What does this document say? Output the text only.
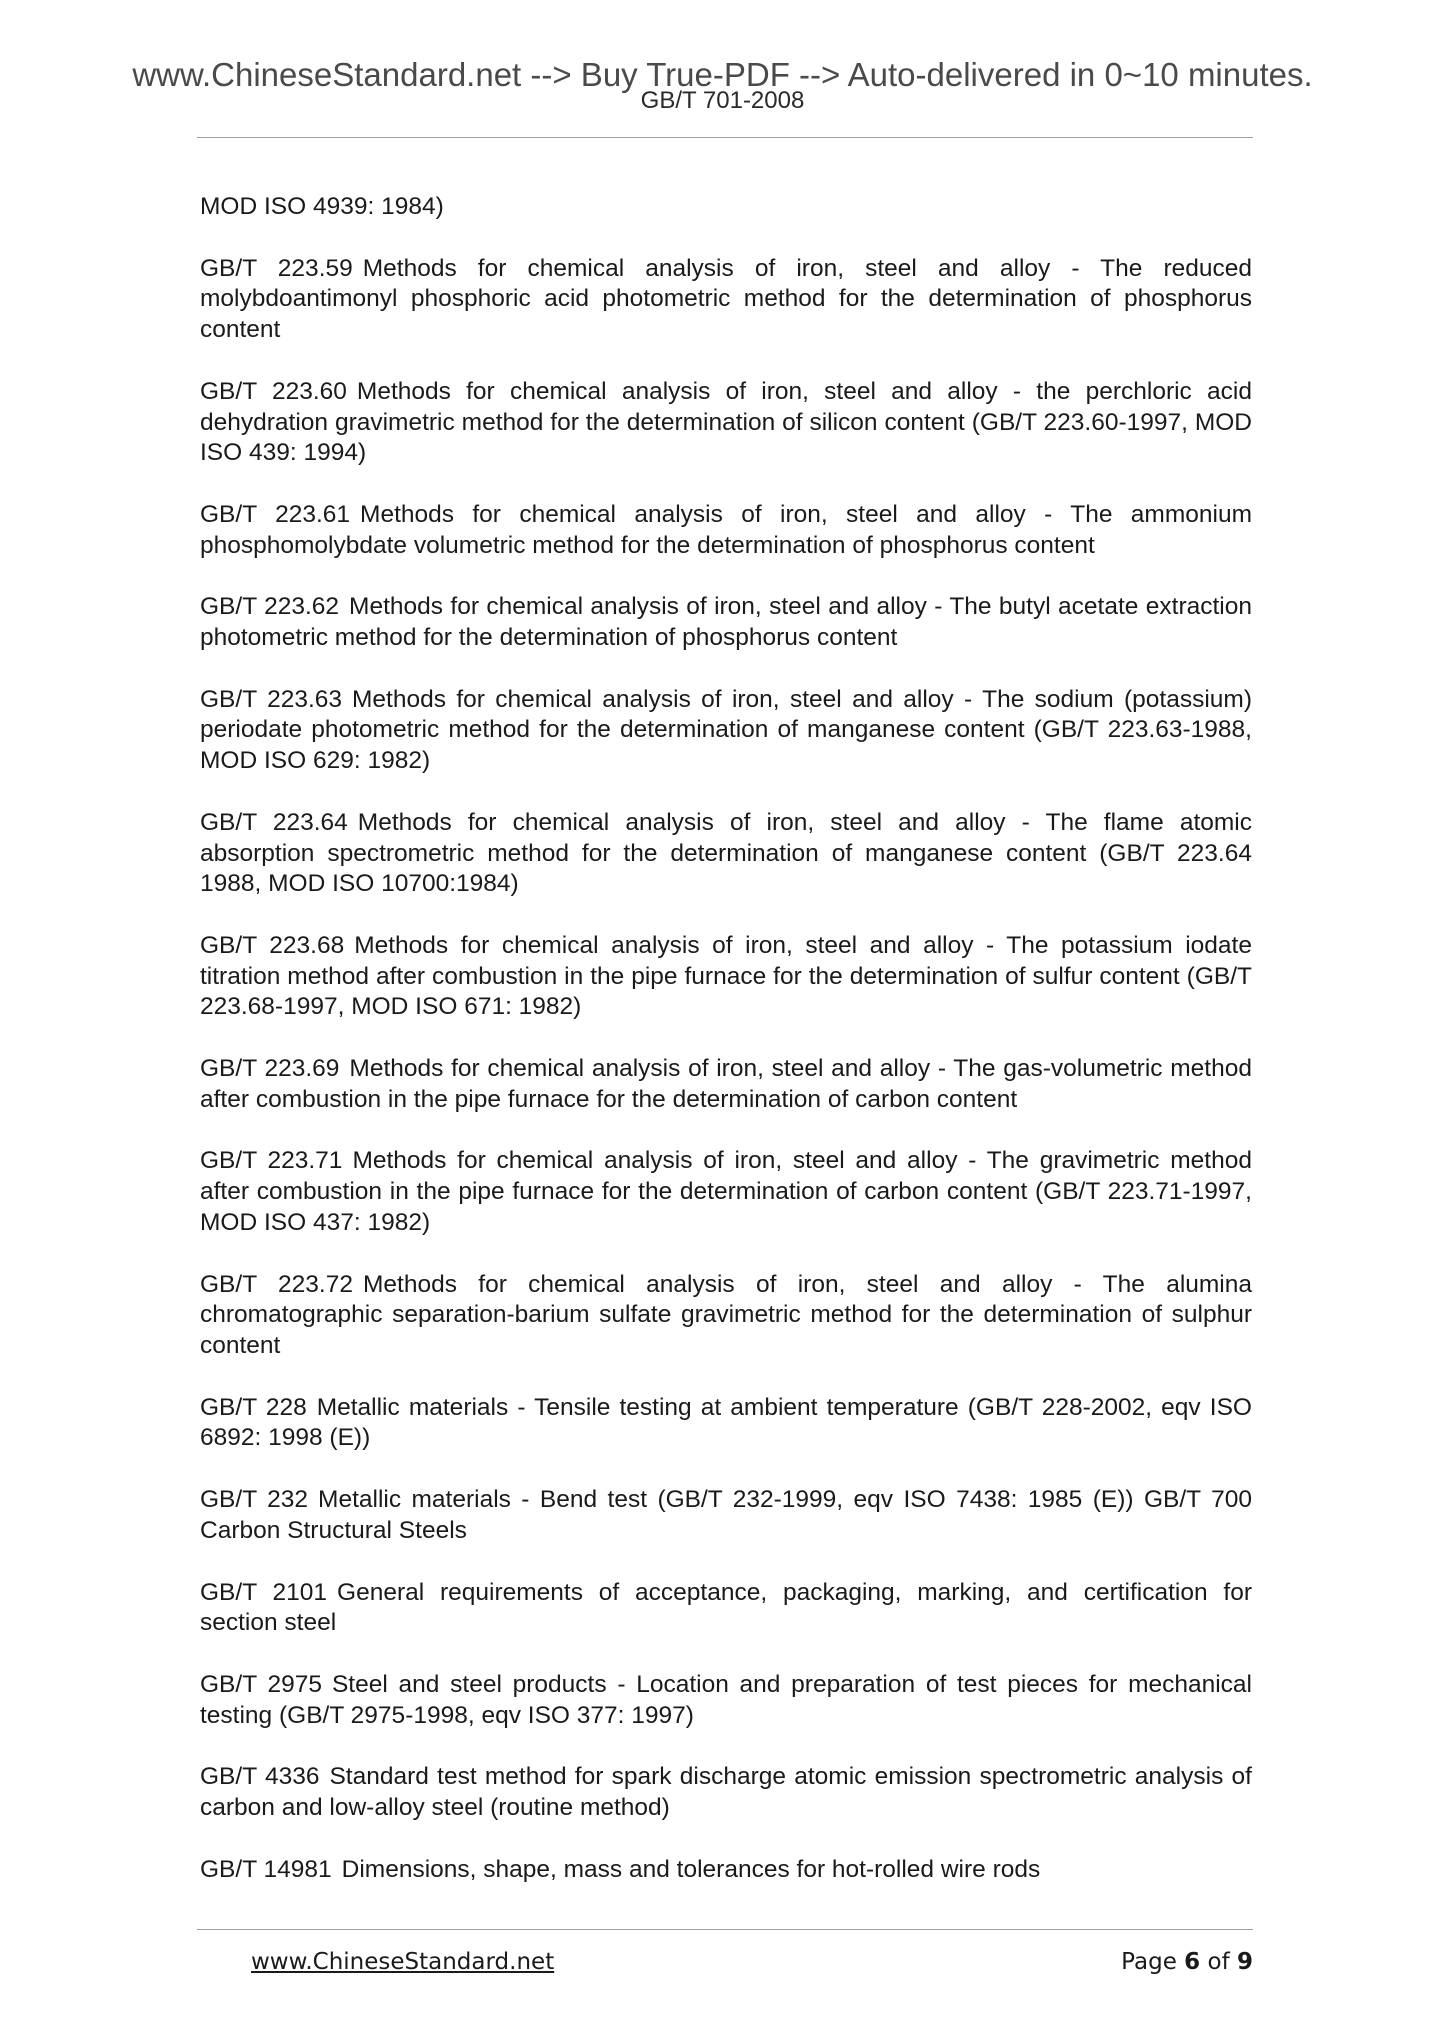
www.ChineseStandard.net --> Buy True-PDF --> Auto-delivered in 0~10 minutes.
GB/T 701-2008

MOD ISO 4939: 1984)

GB/T 223.59 Methods for chemical analysis of iron, steel and alloy - The reduced molybdoantimonyl phosphoric acid photometric method for the determination of phosphorus content

GB/T 223.60 Methods for chemical analysis of iron, steel and alloy - the perchloric acid dehydration gravimetric method for the determination of silicon content (GB/T 223.60-1997, MOD ISO 439: 1994)

GB/T 223.61 Methods for chemical analysis of iron, steel and alloy - The ammonium phosphomolybdate volumetric method for the determination of phosphorus content

GB/T 223.62 Methods for chemical analysis of iron, steel and alloy - The butyl acetate extraction photometric method for the determination of phosphorus content

GB/T 223.63 Methods for chemical analysis of iron, steel and alloy - The sodium (potassium) periodate photometric method for the determination of manganese content (GB/T 223.63-1988, MOD ISO 629: 1982)

GB/T 223.64 Methods for chemical analysis of iron, steel and alloy - The flame atomic absorption spectrometric method for the determination of manganese content (GB/T 223.64 1988, MOD ISO 10700:1984)

GB/T 223.68 Methods for chemical analysis of iron, steel and alloy - The potassium iodate titration method after combustion in the pipe furnace for the determination of sulfur content (GB/T 223.68-1997, MOD ISO 671: 1982)

GB/T 223.69 Methods for chemical analysis of iron, steel and alloy - The gas-volumetric method after combustion in the pipe furnace for the determination of carbon content

GB/T 223.71 Methods for chemical analysis of iron, steel and alloy - The gravimetric method after combustion in the pipe furnace for the determination of carbon content (GB/T 223.71-1997, MOD ISO 437: 1982)

GB/T 223.72 Methods for chemical analysis of iron, steel and alloy - The alumina chromatographic separation-barium sulfate gravimetric method for the determination of sulphur content

GB/T 228 Metallic materials - Tensile testing at ambient temperature (GB/T 228-2002, eqv ISO 6892: 1998 (E))

GB/T 232 Metallic materials - Bend test (GB/T 232-1999, eqv ISO 7438: 1985 (E)) GB/T 700 Carbon Structural Steels

GB/T 2101 General requirements of acceptance, packaging, marking, and certification for section steel

GB/T 2975 Steel and steel products - Location and preparation of test pieces for mechanical testing (GB/T 2975-1998, eqv ISO 377: 1997)

GB/T 4336 Standard test method for spark discharge atomic emission spectrometric analysis of carbon and low-alloy steel (routine method)

GB/T 14981 Dimensions, shape, mass and tolerances for hot-rolled wire rods

www.ChineseStandard.net	Page 6 of 9
